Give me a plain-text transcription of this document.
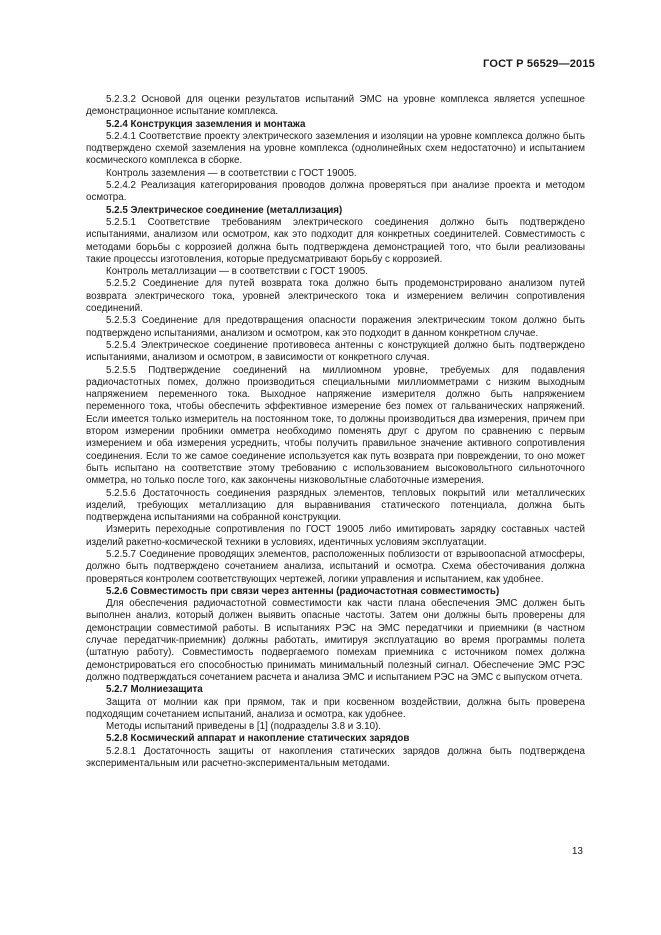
ГОСТ Р 56529—2015

5.2.3.2 Основой для оценки результатов испытаний ЭМС на уровне комплекса является успешное демонстрационное испытание комплекса.

5.2.4 Конструкция заземления и монтажа

5.2.4.1 Соответствие проекту электрического заземления и изоляции на уровне комплекса должно быть подтверждено схемой заземления на уровне комплекса (однолинейных схем недостаточно) и испытанием космического комплекса в сборке.

Контроль заземления — в соответствии с ГОСТ 19005.

5.2.4.2 Реализация категорирования проводов должна проверяться при анализе проекта и методом осмотра.

5.2.5 Электрическое соединение (металлизация)

5.2.5.1 Соответствие требованиям электрического соединения должно быть подтверждено испытаниями, анализом или осмотром, как это подходит для конкретных соединителей. Совместимость с методами борьбы с коррозией должна быть подтверждена демонстрацией того, что были реализованы такие процессы изготовления, которые предусматривают борьбу с коррозией.

Контроль металлизации — в соответствии с ГОСТ 19005.

5.2.5.2 Соединение для путей возврата тока должно быть продемонстрировано анализом путей возврата электрического тока, уровней электрического тока и измерением величин сопротивления соединений.

5.2.5.3 Соединение для предотвращения опасности поражения электрическим током должно быть подтверждено испытаниями, анализом и осмотром, как это подходит в данном конкретном случае.

5.2.5.4 Электрическое соединение противовеса антенны с конструкцией должно быть подтверждено испытаниями, анализом и осмотром, в зависимости от конкретного случая.

5.2.5.5 Подтверждение соединений на миллиомном уровне, требуемых для подавления радиочастотных помех, должно производиться специальными миллиомметрами с низким выходным напряжением переменного тока. Выходное напряжение измерителя должно быть напряжением переменного тока, чтобы обеспечить эффективное измерение без помех от гальванических напряжений. Если имеется только измеритель на постоянном токе, то должны производиться два измерения, причем при втором измерении пробники омметра необходимо поменять друг с другом по сравнению с первым измерением и оба измерения усреднить, чтобы получить правильное значение активного сопротивления соединения. Если то же самое соединение используется как путь возврата при повреждении, то оно может быть испытано на соответствие этому требованию с использованием высоковольтного сильноточного омметра, но только после того, как закончены низковольтные слаботочные измерения.

5.2.5.6 Достаточность соединения разрядных элементов, тепловых покрытий или металлических изделий, требующих металлизацию для выравнивания статического потенциала, должна быть подтверждена испытаниями на собранной конструкции.

Измерить переходные сопротивления по ГОСТ 19005 либо имитировать зарядку составных частей изделий ракетно-космической техники в условиях, идентичных условиям эксплуатации.

5.2.5.7 Соединение проводящих элементов, расположенных поблизости от взрывоопасной атмосферы, должно быть подтверждено сочетанием анализа, испытаний и осмотра. Схема обесточивания должна проверяться контролем соответствующих чертежей, логики управления и испытанием, как удобнее.

5.2.6 Совместимость при связи через антенны (радиочастотная совместимость)

Для обеспечения радиочастотной совместимости как части плана обеспечения ЭМС должен быть выполнен анализ, который должен выявить опасные частоты. Затем они должны быть проверены для демонстрации совместимой работы. В испытаниях РЭС на ЭМС передатчики и приемники (в частном случае передатчик-приемник) должны работать, имитируя эксплуатацию во время программы полета (штатную работу). Совместимость подвергаемого помехам приемника с источником помех должна демонстрироваться его способностью принимать минимальный полезный сигнал. Обеспечение ЭМС РЭС должно подтверждаться сочетанием расчета и анализа ЭМС и испытанием РЭС на ЭМС с выпуском отчета.

5.2.7 Молниезащита

Защита от молнии как при прямом, так и при косвенном воздействии, должна быть проверена подходящим сочетанием испытаний, анализа и осмотра, как удобнее.

Методы испытаний приведены в [1] (подразделы 3.8 и 3.10).

5.2.8 Космический аппарат и накопление статических зарядов

5.2.8.1 Достаточность защиты от накопления статических зарядов должна быть подтверждена экспериментальным или расчетно-экспериментальным методами.

13
